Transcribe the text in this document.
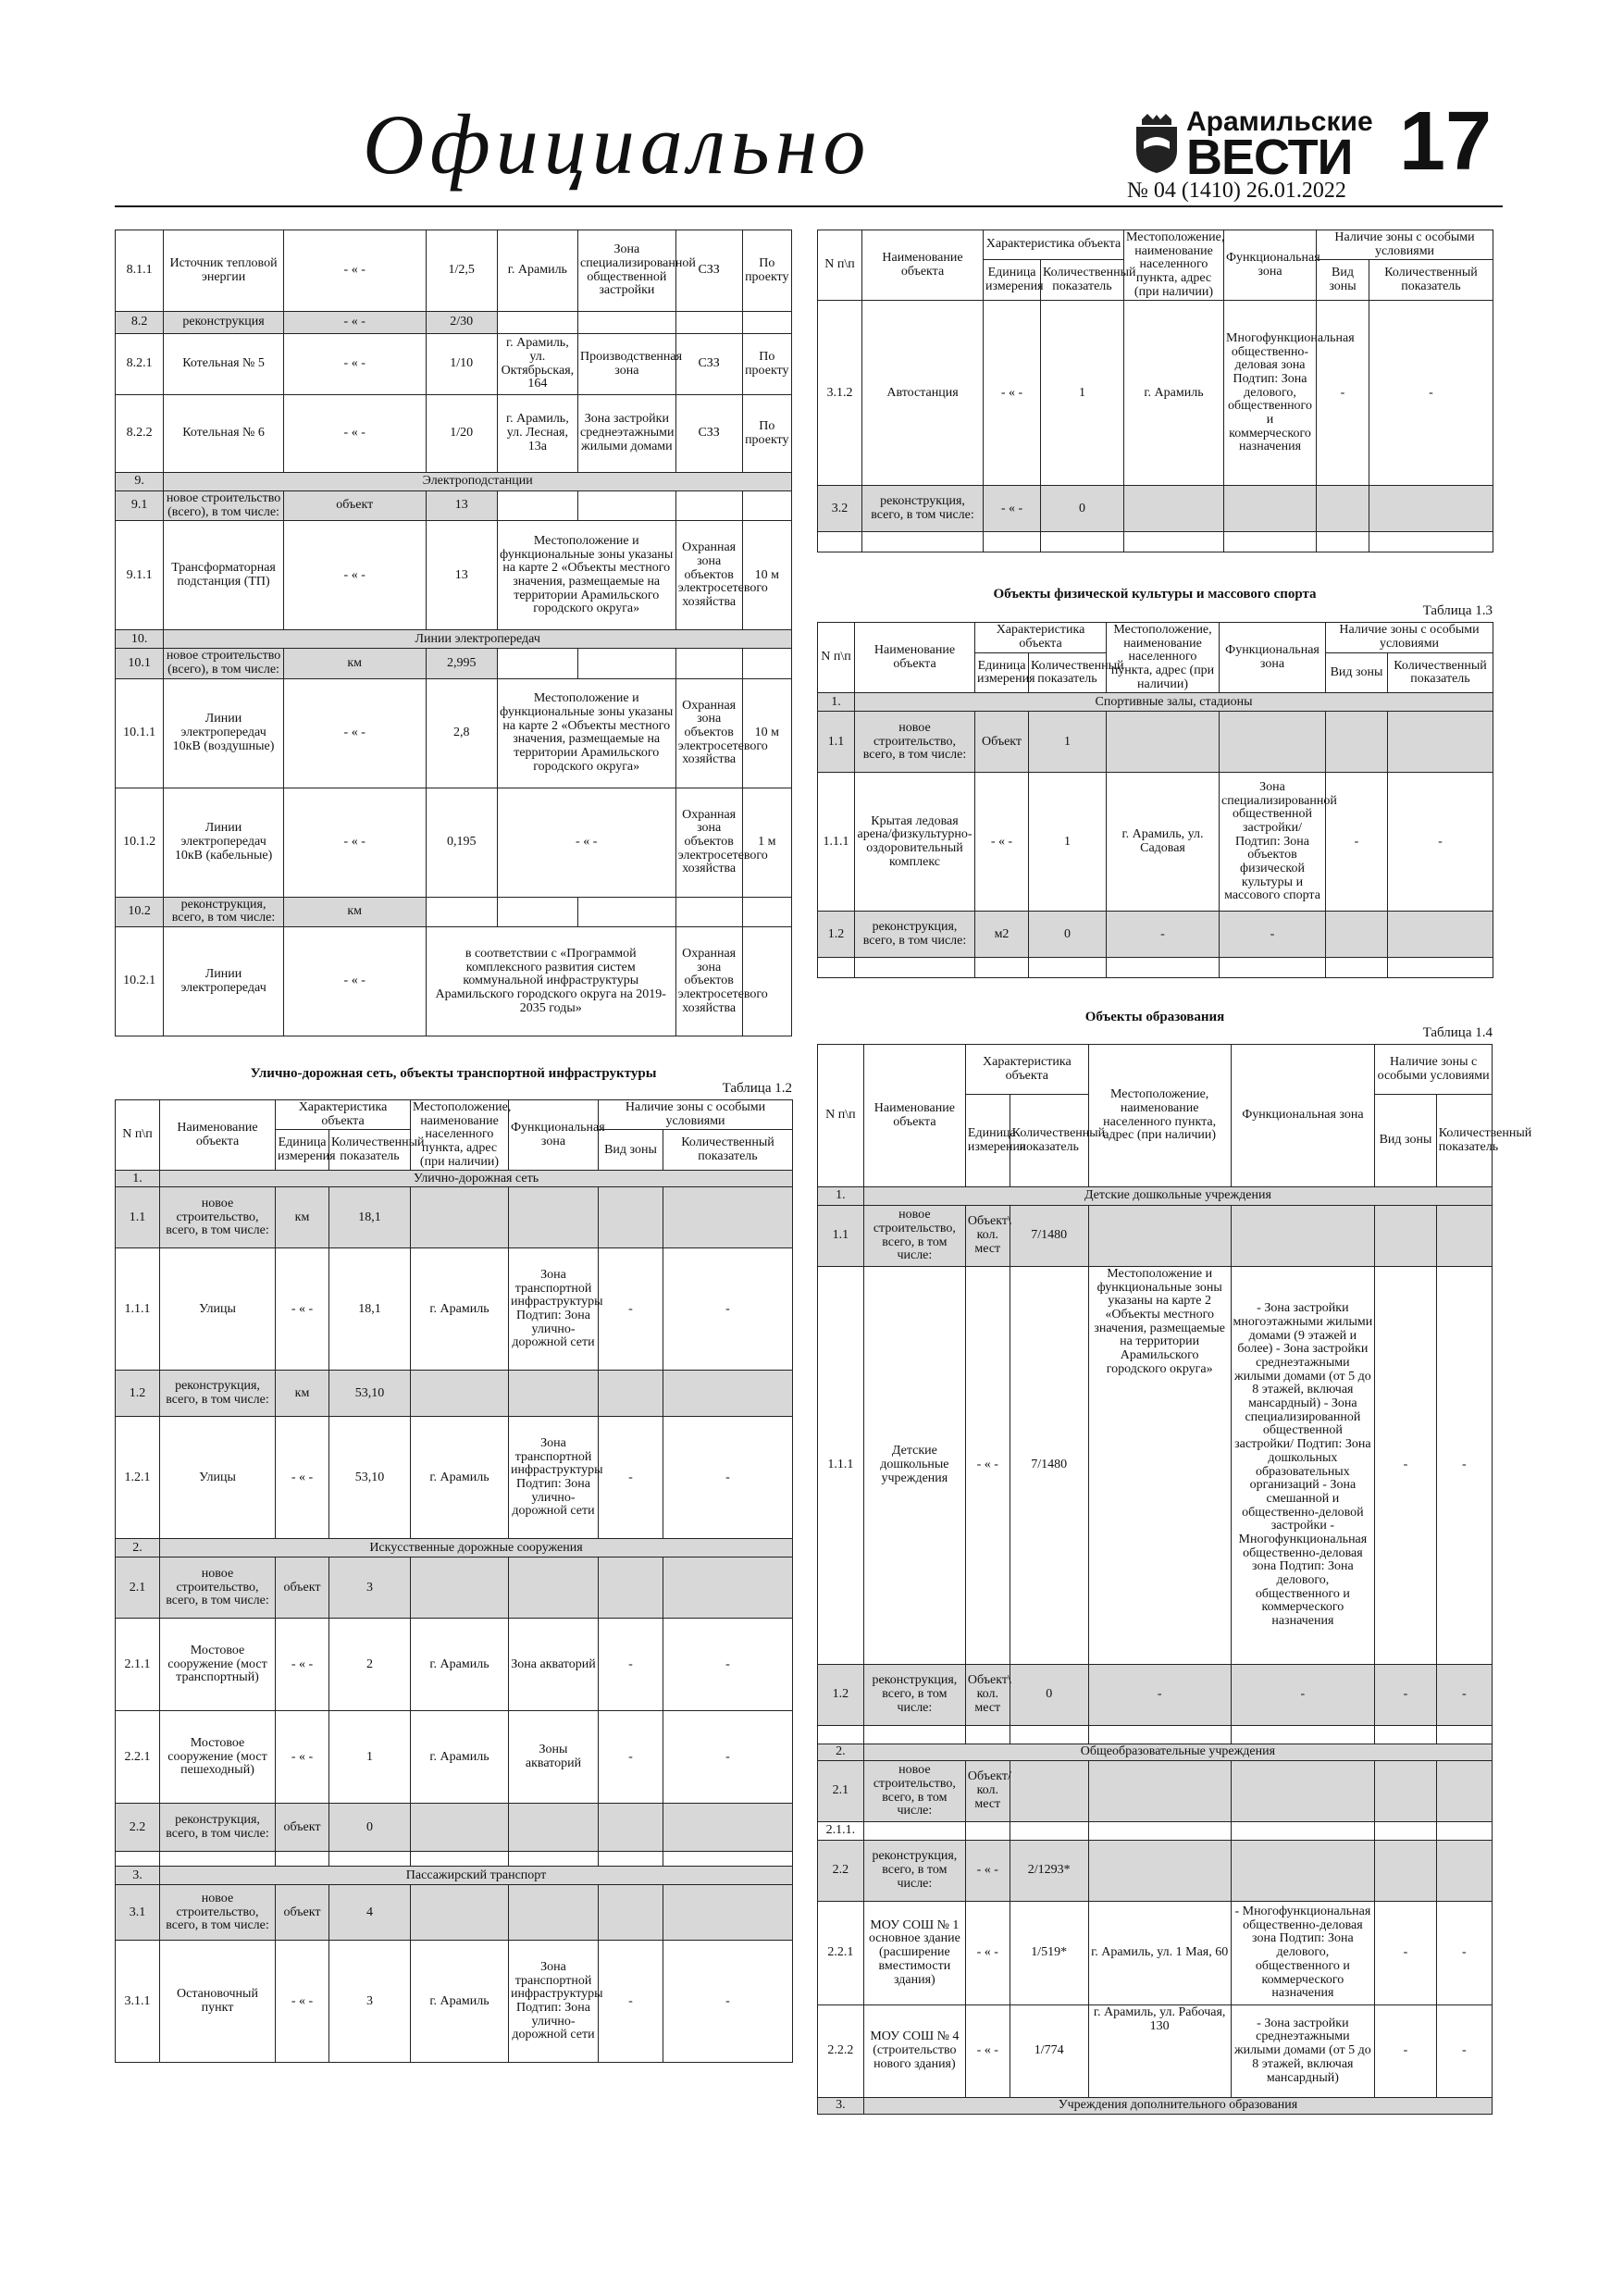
Официально	Арамильские
ВЕСТИ 17
№ 04 (1410) 26.01.2022
8.1.1	Источник тепловой энергии	- « -	1/2,5	г. Арамиль	Зона специализированной общественной застройки	СЗЗ	По проекту
8.2	реконструкция	- « -	2/30				
8.2.1	Котельная № 5	- « -	1/10	г. Арамиль, ул. Октябрьская, 164	Производственная зона	СЗЗ	По проекту
8.2.2	Котельная № 6	- « -	1/20	г. Арамиль, ул. Лесная, 13а	Зона застройки среднеэтажными жилыми домами	СЗЗ	По проекту
9.	Электроподстанции						
9.1	новое строительство (всего), в том числе:	объект	13				
9.1.1	Трансформаторная подстанция (ТП)	- « -	13	Местоположение и функциональные зоны указаны на карте 2 «Объекты местного значения, размещаемые на территории Арамильского городского округа»		Охранная зона объектов электросетевого хозяйства	10 м
10.	Линии электропередач						
10.1	новое строительство (всего), в том числе:	км	2,995				
10.1.1	Линии электропередач 10кВ (воздушные)	- « -	2,8	Местоположение и функциональные зоны указаны на карте 2 «Объекты местного значения, размещаемые на территории Арамильского городского округа»		Охранная зона объектов электросетевого хозяйства	10 м
10.1.2	Линии электропередач 10кВ (кабельные)	- « -	0,195	- « -		Охранная зона объектов электросетевого хозяйства	1 м
10.2	реконструкция, всего, в том числе:	км					
10.2.1	Линии электропередач	- « -	в соответствии с «Программой комплексного развития систем коммунальной инфраструктуры Арамильского городского округа на 2019-2035 годы»			Охранная зона объектов электросетевого хозяйства	
Улично-дорожная сеть, объекты транспортной инфраструктуры
Таблица 1.2
N п\п	Наименование объекта	Характеристика объекта		Местоположение, наименование населенного пункта, адрес (при наличии)	Функциональная зона	Наличие зоны с особыми условиями	
		Единица измерения	Количественный показатель			Вид зоны	Количественный показатель
1.	Улично-дорожная сеть						
1.1	новое строительство, всего, в том числе:	км	18,1				
1.1.1	Улицы	- « -	18,1	г. Арамиль	Зона транспортной инфраструктуры Подтип: Зона улично-дорожной сети	-	-
1.2	реконструкция, всего, в том числе:	км	53,10				
1.2.1	Улицы	- « -	53,10	г. Арамиль	Зона транспортной инфраструктуры Подтип: Зона улично-дорожной сети	-	-
2.	Искусственные дорожные сооружения						
2.1	новое строительство, всего, в том числе:	объект	3				
2.1.1	Мостовое сооружение (мост транспортный)	- « -	2	г. Арамиль	Зона акваторий	-	-
2.2.1	Мостовое сооружение (мост пешеходный)	- « -	1	г. Арамиль	Зоны акваторий	-	-
2.2	реконструкция, всего, в том числе:	объект	0				

3.	Пассажирский транспорт						
3.1	новое строительство, всего, в том числе:	объект	4				
3.1.1	Остановочный пункт	- « -	3	г. Арамиль	Зона транспортной инфраструктуры Подтип: Зона улично-дорожной сети	-	-
N п\п	Наименование объекта	Характеристика объекта		Местоположение, наименование населенного пункта, адрес (при наличии)	Функциональная зона	Наличие зоны с особыми условиями	
		Единица измерения	Количественный показатель			Вид зоны	Количественный показатель
3.1.2	Автостанция	- « -	1	г. Арамиль	Многофункциональная общественно-деловая зона Подтип: Зона делового, общественного и коммерческого назначения	-	-
3.2	реконструкция, всего, в том числе:	- « -	0				

Объекты физической культуры и массового спорта
Таблица 1.3
N п\п	Наименование объекта	Характеристика объекта		Местоположение, наименование населенного пункта, адрес (при наличии)	Функциональная зона	Наличие зоны с особыми условиями	
		Единица измерения	Количественный показатель			Вид зоны	Количественный показатель
1.	Спортивные залы, стадионы						
1.1	новое строительство, всего, в том числе:	Объект	1				
1.1.1	Крытая ледовая арена/физкультурно-оздоровительный комплекс	- « -	1	г. Арамиль, ул. Садовая	Зона специализированной общественной застройки/ Подтип: Зона объектов физической культуры и массового спорта	-	-
1.2	реконструкция, всего, в том числе:	м2	0	-	-		

Объекты образования
Таблица 1.4
N п\п	Наименование объекта	Характеристика объекта		Местоположение, наименование населенного пункта, адрес (при наличии)	Функциональная зона	Наличие зоны с особыми условиями	
		Единица измерения	Количественный показатель			Вид зоны	Количественный показатель
1.	Детские дошкольные учреждения						
1.1	новое строительство, всего, в том числе:	Объект\ кол. мест	7/1480				
1.1.1	Детские дошкольные учреждения	- « -	7/1480	Местоположение и функциональные зоны указаны на карте 2 «Объекты местного значения, размещаемые на территории Арамильского городского округа»	- Зона застройки многоэтажными жилыми домами (9 этажей и более) - Зона застройки среднеэтажными жилыми домами (от 5 до 8 этажей, включая мансардный) - Зона специализированной общественной застройки/ Подтип: Зона дошкольных образовательных организаций - Зона смешанной и общественно-деловой застройки - Многофункциональная общественно-деловая зона Подтип: Зона делового, общественного и коммерческого назначения	-	-
1.2	реконструкция, всего, в том числе:	Объект\ кол. мест	0	-	-	-	-

2.	Общеобразовательные учреждения						
2.1	новое строительство, всего, в том числе:	Объект/ кол. мест					
2.1.1.							
2.2	реконструкция, всего, в том числе:	- « -	2/1293*				
2.2.1	МОУ СОШ № 1 основное здание (расширение вместимости здания)	- « -	1/519*	г. Арамиль, ул. 1 Мая, 60	- Многофункциональная общественно-деловая зона Подтип: Зона делового, общественного и коммерческого назначения	-	-
2.2.2	МОУ СОШ № 4 (строительство нового здания)	- « -	1/774	г. Арамиль, ул. Рабочая, 130	- Зона застройки среднеэтажными жилыми домами (от 5 до 8 этажей, включая мансардный)	-	-
3.	Учреждения дополнительного образования						
